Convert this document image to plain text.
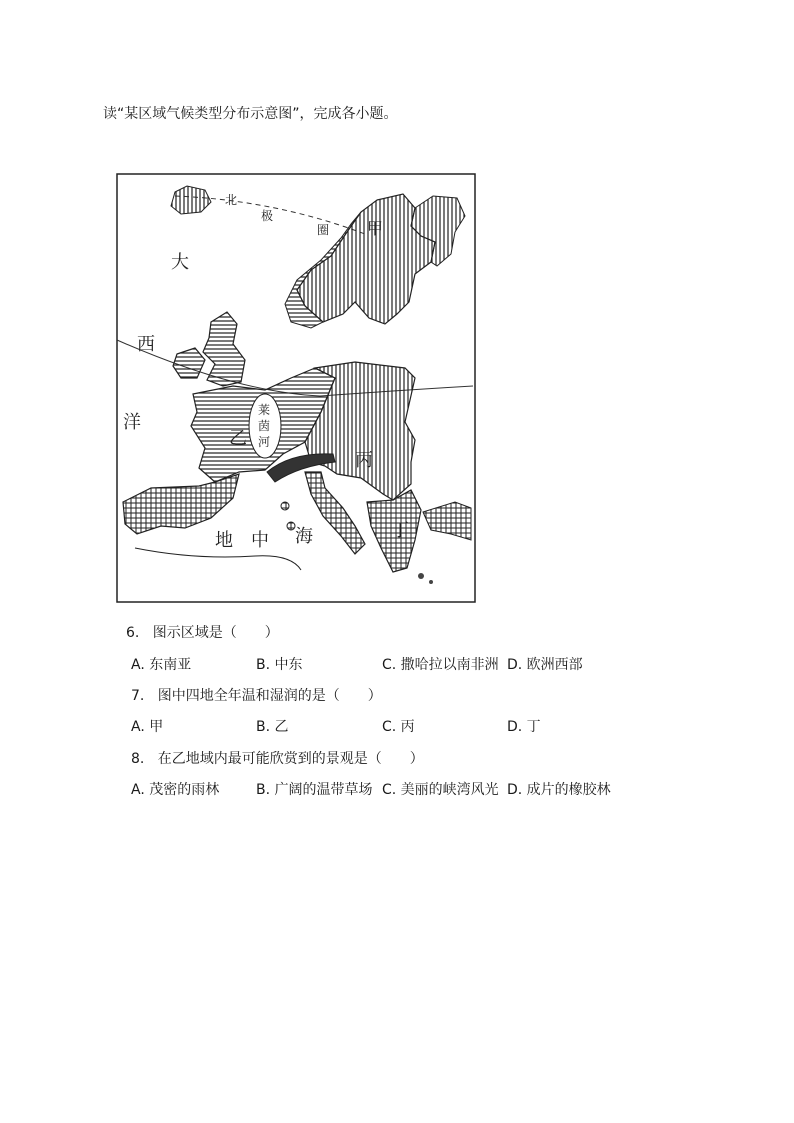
读“某区域气候类型分布示意图”，完成各小题。
北
极
圈
大
西
洋
地 中 海
莱
茵
河
甲
乙
丙
丁
6. 图示区域是（　　）
A. 东南亚	B. 中东	C. 撒哈拉以南非洲 D. 欧洲西部
7. 图中四地全年温和湿润的是（　　）
A. 甲	B. 乙	C. 丙	D. 丁
8. 在乙地域内最可能欣赏到的景观是（　　）
A. 茂密的雨林	B. 广阔的温带草场 C. 美丽的峡湾风光 D. 成片的橡胶林
